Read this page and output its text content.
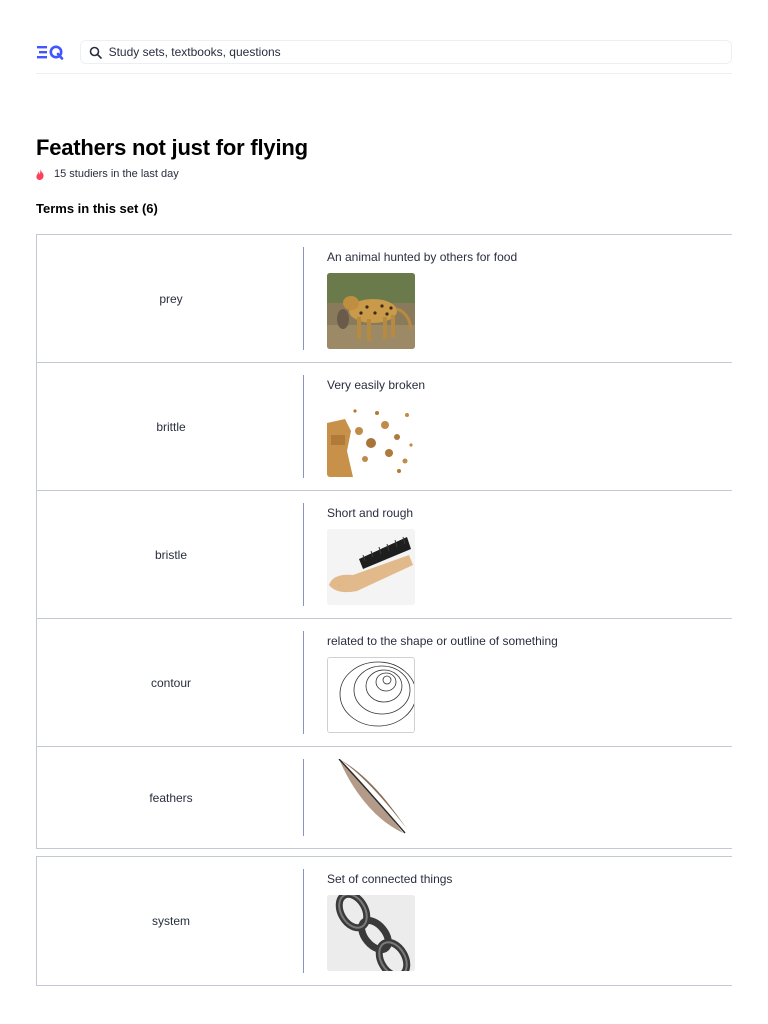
Study sets, textbooks, questions
Feathers not just for flying
15 studiers in the last day
Terms in this set (6)
prey
An animal hunted by others for food
brittle
Very easily broken
bristle
Short and rough
·
contour
related to the shape or outline of something
feathers
system
Set of connected things
